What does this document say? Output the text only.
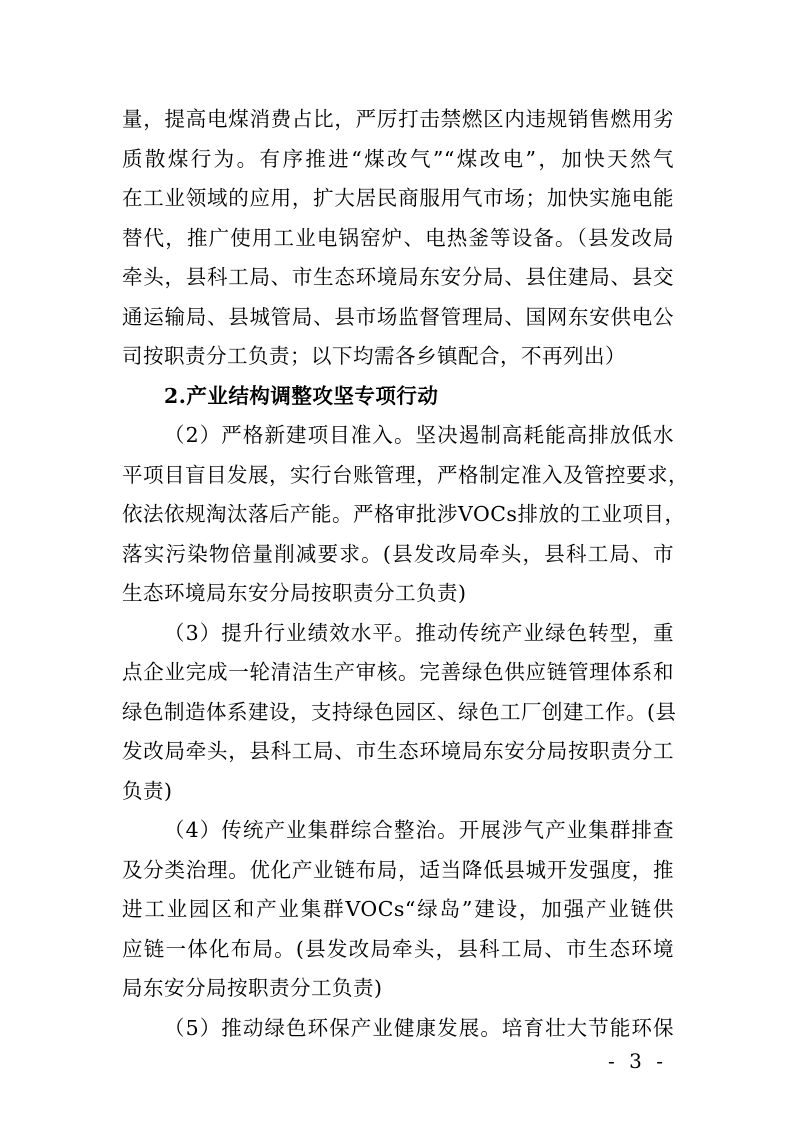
量，提高电煤消费占比，严厉打击禁燃区内违规销售燃用劣
质散煤行为。有序推进“煤改气”“煤改电”，加快天然气
在工业领域的应用，扩大居民商服用气市场；加快实施电能
替代，推广使用工业电锅窑炉、电热釜等设备。（县发改局
牵头，县科工局、市生态环境局东安分局、县住建局、县交
通运输局、县城管局、县市场监督管理局、国网东安供电公
司按职责分工负责；以下均需各乡镇配合，不再列出）
2.产业结构调整攻坚专项行动
（2）严格新建项目准入。坚决遏制高耗能高排放低水
平项目盲目发展，实行台账管理，严格制定准入及管控要求，
依法依规淘汰落后产能。严格审批涉VOCs排放的工业项目，
落实污染物倍量削减要求。(县发改局牵头，县科工局、市
生态环境局东安分局按职责分工负责)
（3）提升行业绩效水平。推动传统产业绿色转型，重
点企业完成一轮清洁生产审核。完善绿色供应链管理体系和
绿色制造体系建设，支持绿色园区、绿色工厂创建工作。(县
发改局牵头，县科工局、市生态环境局东安分局按职责分工
负责)
（4）传统产业集群综合整治。开展涉气产业集群排查
及分类治理。优化产业链布局，适当降低县城开发强度，推
进工业园区和产业集群VOCs“绿岛”建设，加强产业链供
应链一体化布局。(县发改局牵头，县科工局、市生态环境
局东安分局按职责分工负责)
（5）推动绿色环保产业健康发展。培育壮大节能环保
- 3 -
